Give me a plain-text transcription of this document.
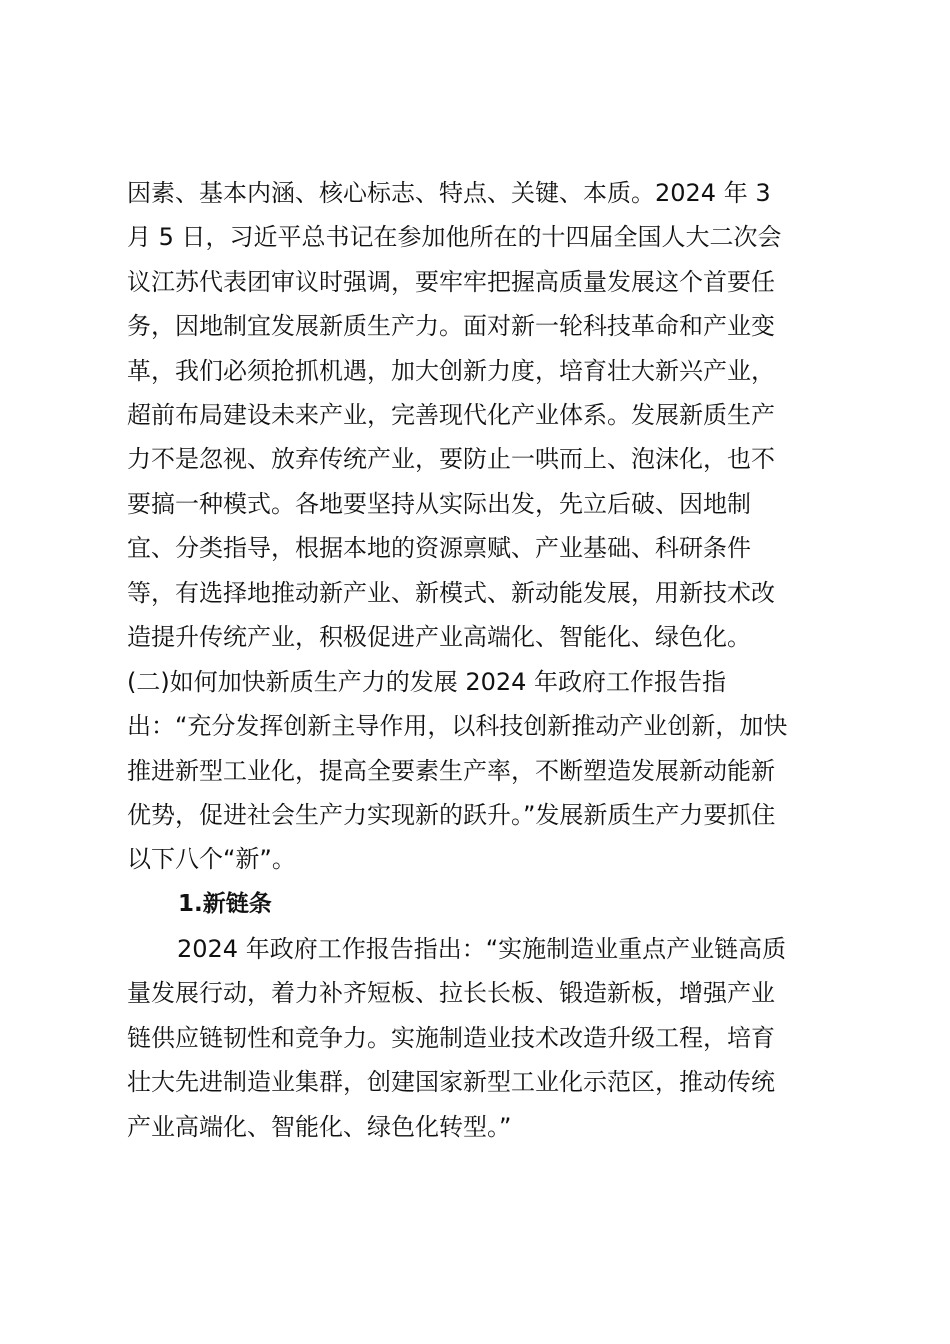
因素、基本内涵、核心标志、特点、关键、本质。2024 年 3
月 5 日，习近平总书记在参加他所在的十四届全国人大二次会
议江苏代表团审议时强调，要牢牢把握高质量发展这个首要任
务，因地制宜发展新质生产力。面对新一轮科技革命和产业变
革，我们必须抢抓机遇，加大创新力度，培育壮大新兴产业，
超前布局建设未来产业，完善现代化产业体系。发展新质生产
力不是忽视、放弃传统产业，要防止一哄而上、泡沫化，也不
要搞一种模式。各地要坚持从实际出发，先立后破、因地制
宜、分类指导，根据本地的资源禀赋、产业基础、科研条件
等，有选择地推动新产业、新模式、新动能发展，用新技术改
造提升传统产业，积极促进产业高端化、智能化、绿色化。
(二)如何加快新质生产力的发展 2024 年政府工作报告指
出：“充分发挥创新主导作用，以科技创新推动产业创新，加快
推进新型工业化，提高全要素生产率，不断塑造发展新动能新
优势，促进社会生产力实现新的跃升。”发展新质生产力要抓住
以下八个“新”。
1.新链条
2024 年政府工作报告指出：“实施制造业重点产业链高质
量发展行动，着力补齐短板、拉长长板、锻造新板，增强产业
链供应链韧性和竞争力。实施制造业技术改造升级工程，培育
壮大先进制造业集群，创建国家新型工业化示范区，推动传统
产业高端化、智能化、绿色化转型。”
